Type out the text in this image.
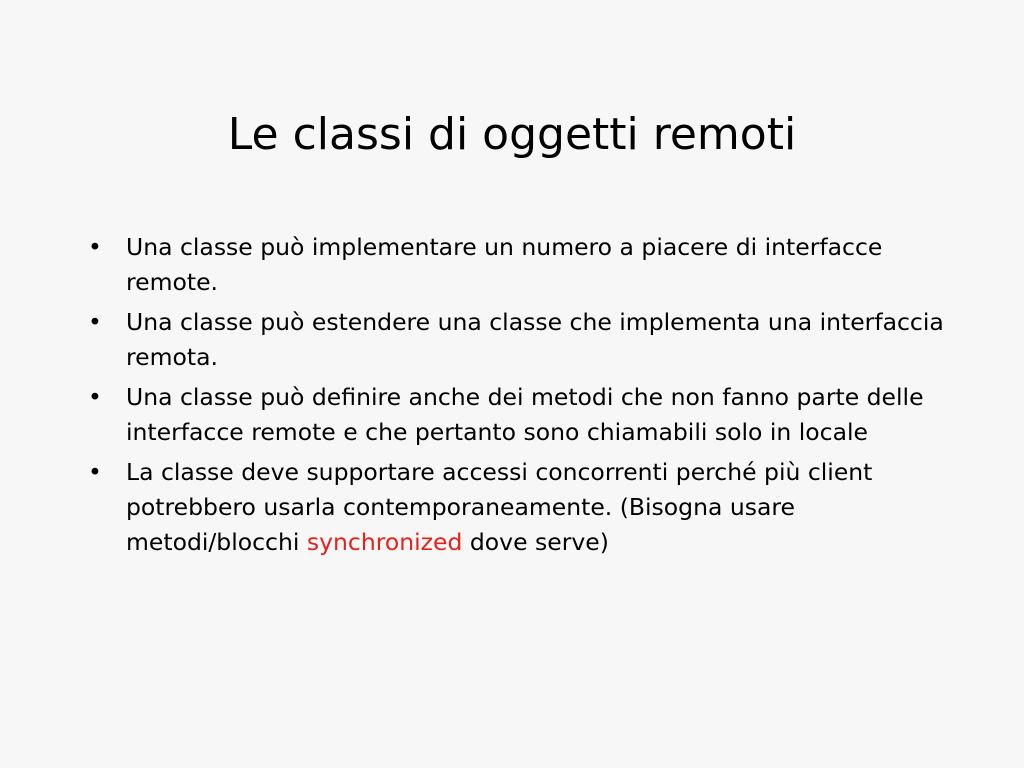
Le classi di oggetti remoti
• Una classe può implementare un numero a piacere di interfacce remote.
• Una classe può estendere una classe che implementa una interfaccia remota.
• Una classe può definire anche dei metodi che non fanno parte delle interfacce remote e che pertanto sono chiamabili solo in locale
• La classe deve supportare accessi concorrenti perché più client potrebbero usarla contemporaneamente. (Bisogna usare metodi/blocchi synchronized dove serve)
